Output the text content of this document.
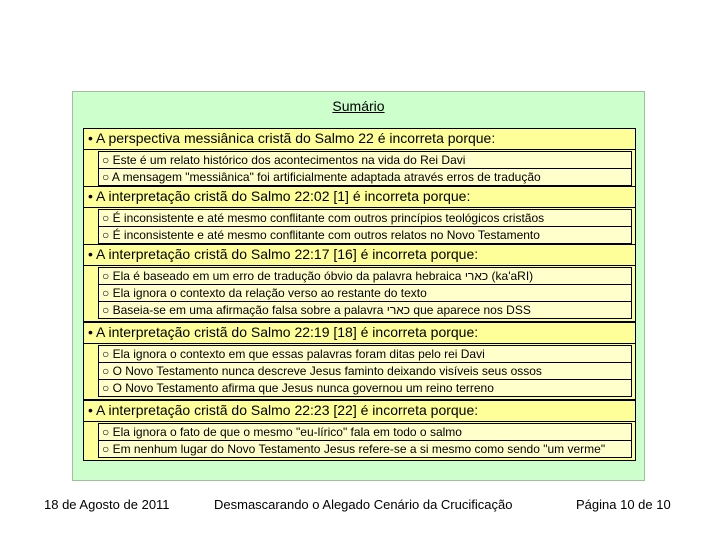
Sumário
• A perspectiva messiânica cristã do Salmo 22 é incorreta porque:
○ Este é um relato histórico dos acontecimentos na vida do Rei Davi
○ A mensagem "messiânica" foi artificialmente adaptada através erros de tradução
• A interpretação cristã do Salmo 22:02 [1] é incorreta porque:
○ É inconsistente e até mesmo conflitante com outros princípios teológicos cristãos
○ É inconsistente e até mesmo conflitante com outros relatos no Novo Testamento
• A interpretação cristã do Salmo 22:17 [16] é incorreta porque:
○ Ela é baseado em um erro de tradução óbvio da palavra hebraica כארי (ka'aRI)
○ Ela ignora o contexto da relação verso ao restante do texto
○ Baseia-se em uma afirmação falsa sobre a palavra כארי que aparece nos DSS
• A interpretação cristã do Salmo 22:19 [18] é incorreta porque:
○ Ela ignora o contexto em que essas palavras foram ditas pelo rei Davi
○ O Novo Testamento nunca descreve Jesus faminto deixando visíveis seus ossos
○ O Novo Testamento afirma que Jesus nunca governou um reino terreno
• A interpretação cristã do Salmo 22:23 [22] é incorreta porque:
○ Ela ignora o fato de que o mesmo "eu-lírico" fala em todo o salmo
○ Em nenhum lugar do Novo Testamento Jesus refere-se a si mesmo como sendo "um verme"
18 de Agosto de 2011	Desmascarando o Alegado Cenário da Crucificação	Página 10 de 10
